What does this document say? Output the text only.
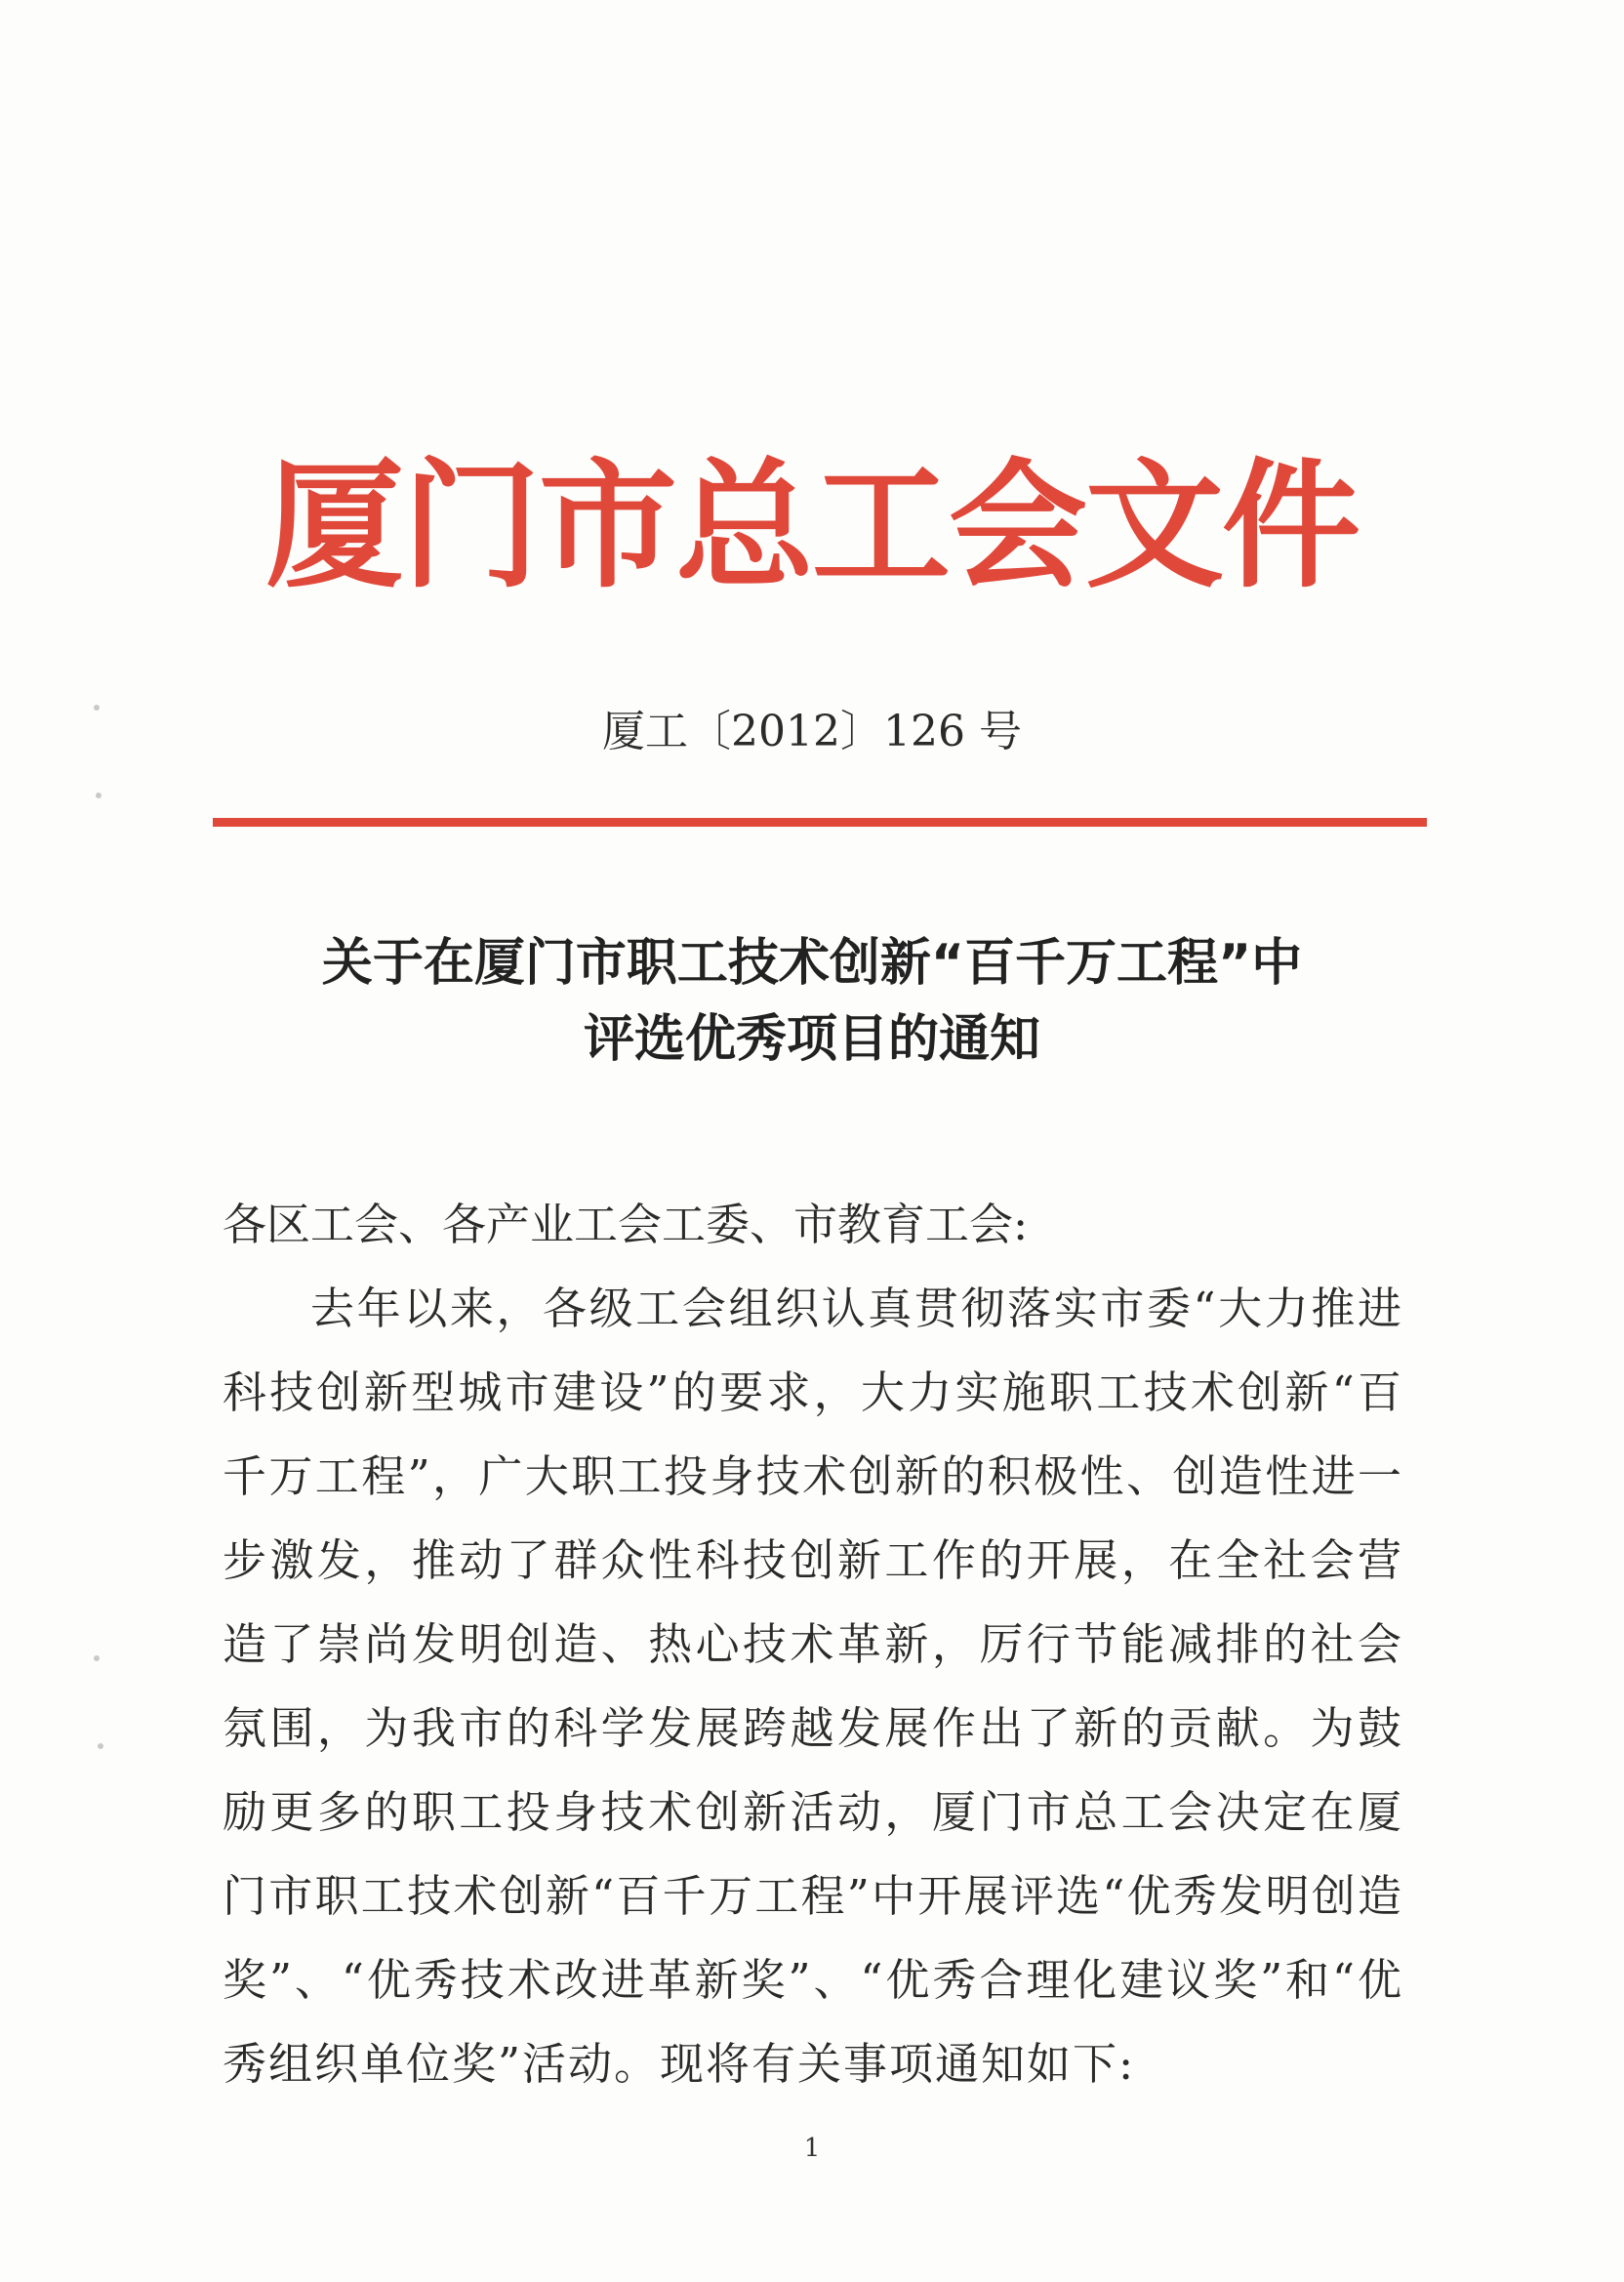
厦门市总工会文件
厦工〔2012〕126 号
关于在厦门市职工技术创新“百千万工程”中
评选优秀项目的通知
各区工会、各产业工会工委、市教育工会:
去年以来，各级工会组织认真贯彻落实市委“大力推进科技创新型城市建设”的要求，大力实施职工技术创新“百千万工程”，广大职工投身技术创新的积极性、创造性进一步激发，推动了群众性科技创新工作的开展，在全社会营造了崇尚发明创造、热心技术革新，厉行节能减排的社会氛围，为我市的科学发展跨越发展作出了新的贡献。为鼓励更多的职工投身技术创新活动，厦门市总工会决定在厦门市职工技术创新“百千万工程”中开展评选“优秀发明创造奖”、“优秀技术改进革新奖”、“优秀合理化建议奖”和“优秀组织单位奖”活动。现将有关事项通知如下:
1
